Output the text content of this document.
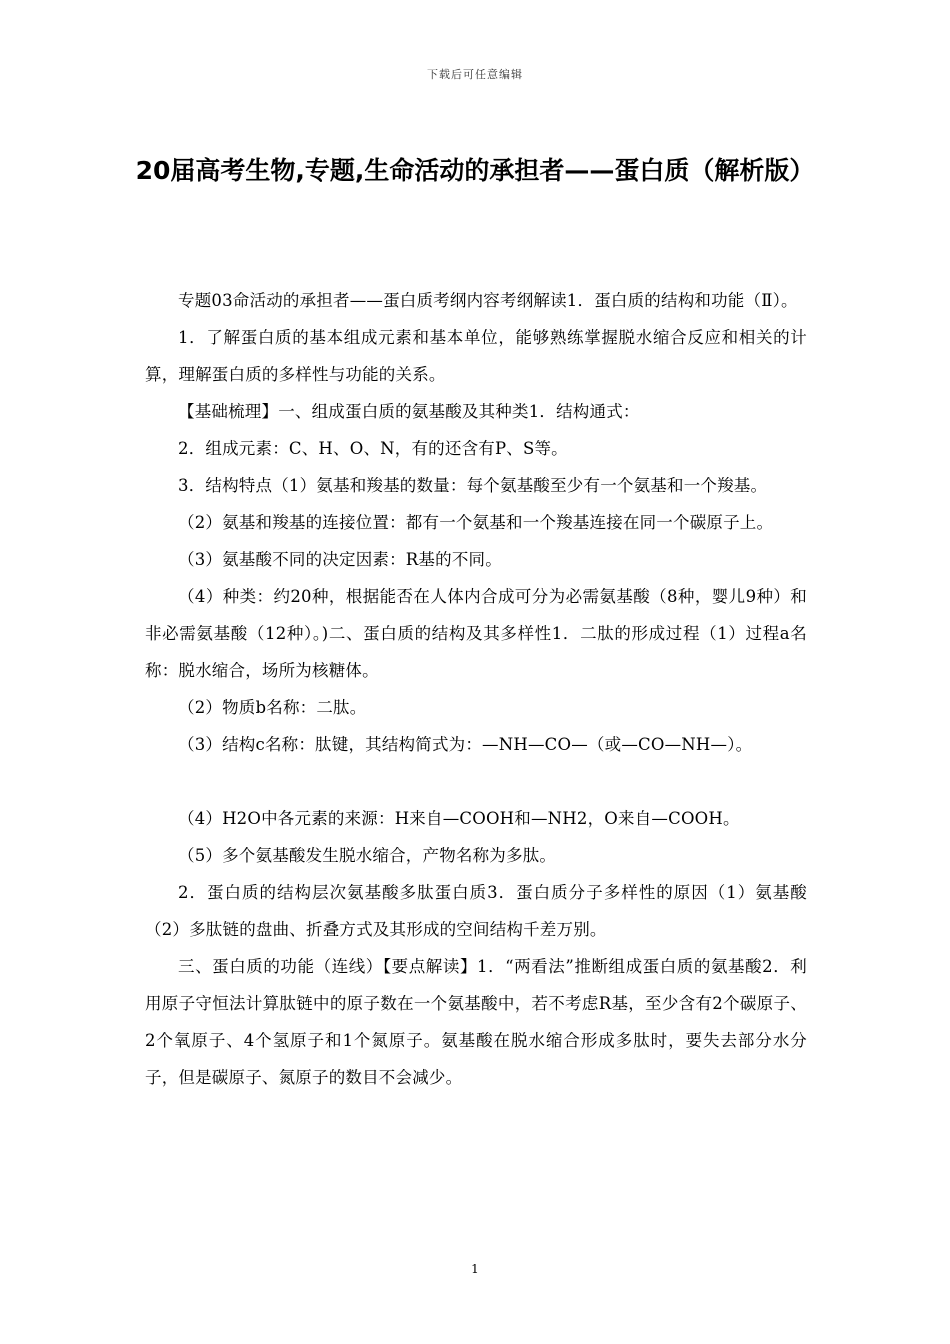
下载后可任意编辑
20届高考生物,专题,生命活动的承担者——蛋白质（解析版）

专题03命活动的承担者——蛋白质考纲内容考纲解读1．蛋白质的结构和功能（Ⅱ）。

1．了解蛋白质的基本组成元素和基本单位，能够熟练掌握脱水缩合反应和相关的计算，理解蛋白质的多样性与功能的关系。

【基础梳理】一、组成蛋白质的氨基酸及其种类1．结构通式：

2．组成元素：C、H、O、N，有的还含有P、S等。

3．结构特点（1）氨基和羧基的数量：每个氨基酸至少有一个氨基和一个羧基。

（2）氨基和羧基的连接位置：都有一个氨基和一个羧基连接在同一个碳原子上。

（3）氨基酸不同的决定因素：R基的不同。

（4）种类：约20种，根据能否在人体内合成可分为必需氨基酸（8种，婴儿9种）和非必需氨基酸（12种）。)二、蛋白质的结构及其多样性1．二肽的形成过程（1）过程a名称：脱水缩合，场所为核糖体。

（2）物质b名称：二肽。

（3）结构c名称：肽键，其结构简式为：—NH—CO—（或—CO—NH—）。

（4）H2O中各元素的来源：H来自—COOH和—NH2，O来自—COOH。

（5）多个氨基酸发生脱水缩合，产物名称为多肽。

2．蛋白质的结构层次氨基酸多肽蛋白质3．蛋白质分子多样性的原因（1）氨基酸（2）多肽链的盘曲、折叠方式及其形成的空间结构千差万别。

三、蛋白质的功能（连线）【要点解读】1．“两看法”推断组成蛋白质的氨基酸2．利用原子守恒法计算肽链中的原子数在一个氨基酸中，若不考虑R基，至少含有2个碳原子、2个氧原子、4个氢原子和1个氮原子。氨基酸在脱水缩合形成多肽时，要失去部分水分子，但是碳原子、氮原子的数目不会减少。

1
